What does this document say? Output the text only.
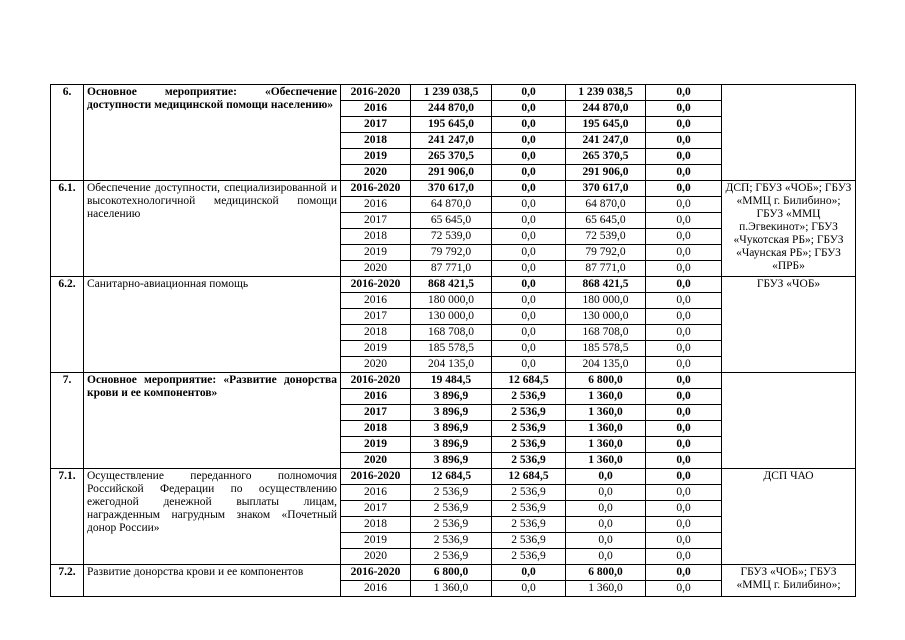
6.	Основное мероприятие: «Обеспечение доступности медицинской помощи населению»	2016-2020	1 239 038,5	0,0	1 239 038,5	0,0	
		2016	244 870,0	0,0	244 870,0	0,0	
		2017	195 645,0	0,0	195 645,0	0,0	
		2018	241 247,0	0,0	241 247,0	0,0	
		2019	265 370,5	0,0	265 370,5	0,0	
		2020	291 906,0	0,0	291 906,0	0,0	
6.1.	Обеспечение доступности, специализированной и высокотехнологичной медицинской помощи населению	2016-2020	370 617,0	0,0	370 617,0	0,0	ДСП; ГБУЗ «ЧОБ»; ГБУЗ «ММЦ г. Билибино»; ГБУЗ «ММЦ п.Эгвекинот»; ГБУЗ «Чукотская РБ»; ГБУЗ «Чаунская РБ»; ГБУЗ «ПРБ»
		2016	64 870,0	0,0	64 870,0	0,0	
		2017	65 645,0	0,0	65 645,0	0,0	
		2018	72 539,0	0,0	72 539,0	0,0	
		2019	79 792,0	0,0	79 792,0	0,0	
		2020	87 771,0	0,0	87 771,0	0,0	
6.2.	Санитарно-авиационная помощь	2016-2020	868 421,5	0,0	868 421,5	0,0	ГБУЗ «ЧОБ»
		2016	180 000,0	0,0	180 000,0	0,0	
		2017	130 000,0	0,0	130 000,0	0,0	
		2018	168 708,0	0,0	168 708,0	0,0	
		2019	185 578,5	0,0	185 578,5	0,0	
		2020	204 135,0	0,0	204 135,0	0,0	
7.	Основное мероприятие: «Развитие донорства крови и ее компонентов»	2016-2020	19 484,5	12 684,5	6 800,0	0,0	
		2016	3 896,9	2 536,9	1 360,0	0,0	
		2017	3 896,9	2 536,9	1 360,0	0,0	
		2018	3 896,9	2 536,9	1 360,0	0,0	
		2019	3 896,9	2 536,9	1 360,0	0,0	
		2020	3 896,9	2 536,9	1 360,0	0,0	
7.1.	Осуществление переданного полномочия Российской Федерации по осуществлению ежегодной денежной выплаты лицам, награжденным нагрудным знаком «Почетный донор России»	2016-2020	12 684,5	12 684,5	0,0	0,0	ДСП ЧАО
		2016	2 536,9	2 536,9	0,0	0,0	
		2017	2 536,9	2 536,9	0,0	0,0	
		2018	2 536,9	2 536,9	0,0	0,0	
		2019	2 536,9	2 536,9	0,0	0,0	
		2020	2 536,9	2 536,9	0,0	0,0	
7.2.	Развитие донорства крови и ее компонентов	2016-2020	6 800,0	0,0	6 800,0	0,0	ГБУЗ «ЧОБ»; ГБУЗ «ММЦ г. Билибино»;
		2016	1 360,0	0,0	1 360,0	0,0	
